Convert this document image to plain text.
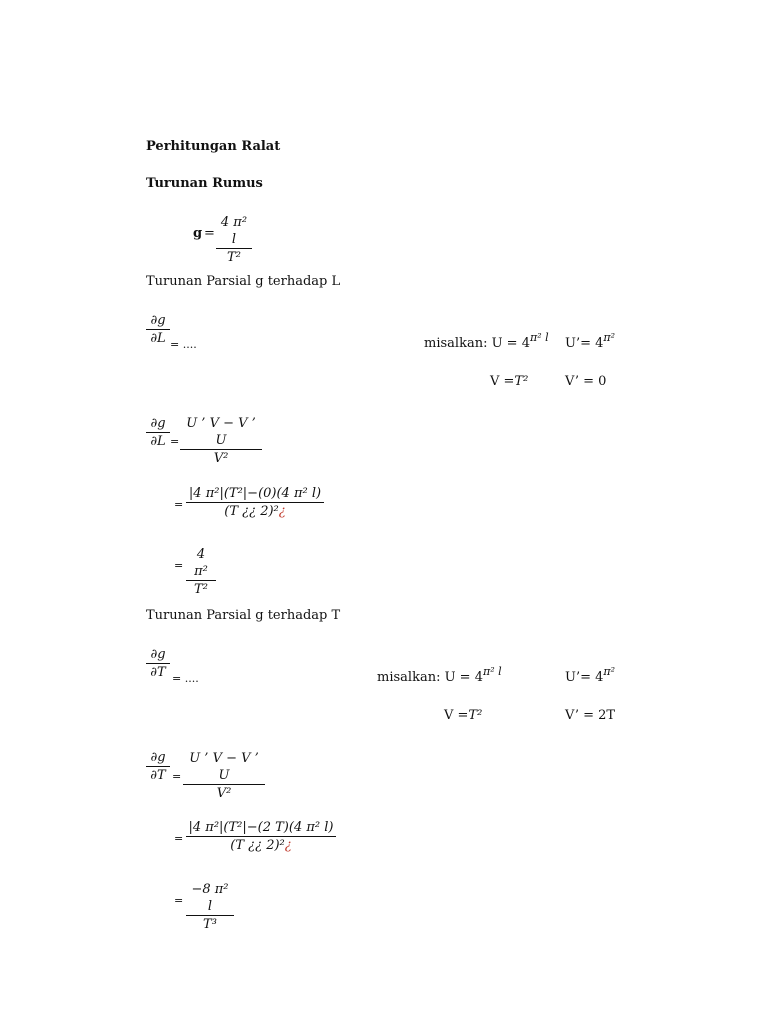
Perhitungan Ralat
Turunan Rumus
$g = \frac{\text{4 π² l}}{\text{T²}}$
Turunan Parsial g terhadap L
$\frac{\partial g}{\partial L}$ = ....	misalkan: $U = 4^{\pi^2 l}$ U’= $4^{\pi^2}$
V =T²	V’ = 0
$\frac{\partial g}{\partial L} = \frac{U ’ V - V ’ U}{\text{V²}}$
= $\frac{\text{|4 π²|(T²|−(0)(4 π² l)}}{\text{(T ¿¿ 2)²¿}}$
= $\frac{\text{4 π²}}{\text{T²}}$
Turunan Parsial g terhadap T
$\frac{\partial g}{\partial T}$ = ....	misalkan: $U = 4^{\pi^2 l}$	U’= $4^{\pi^2}$
V =T²	V’ = 2T
$\frac{\partial g}{\partial T} = \frac{U ’ V - V ’ U}{\text{V²}}$
= $\frac{\text{|4 π²|(T²|−(2 T)(4 π² l)}}{\text{(T ¿¿ 2)²¿}}$
= $\frac{\text{−8 π² l}}{\text{T³}}$
